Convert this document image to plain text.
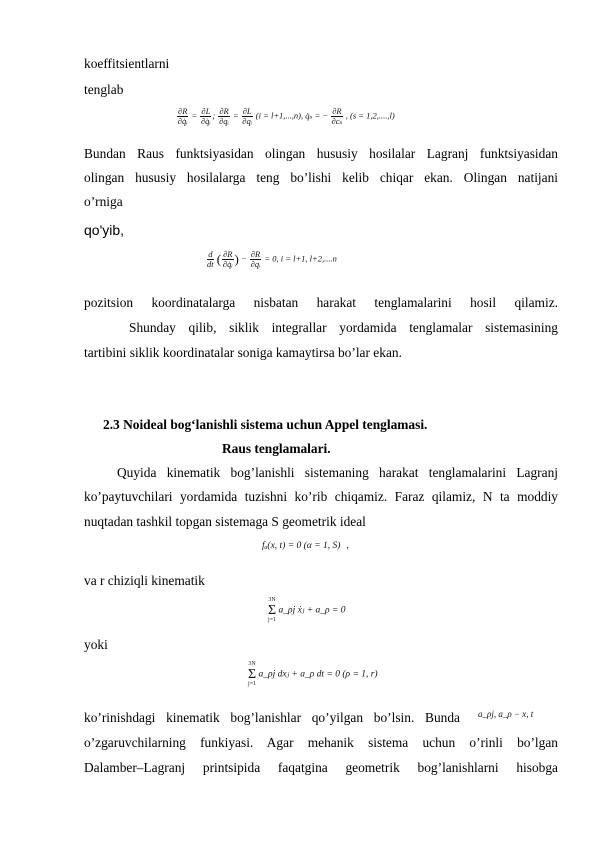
koeffitsientlarni
tenglab
$\frac{\partial R}{\text{∂q̇ᵢ}} = \frac{\partial L}{\text{∂q̇ᵢ}}$ ; $\frac{\partial R}{\text{∂qᵢ}} = \frac{\partial L}{\text{∂qᵢ}} (i = l+1,...,n)$, q̇ₛ = − $\frac{\partial R}{\text{∂cₛ}}$ , (s = 1,2,....,l)
Bundan Raus funktsiyasidan olingan hususiy hosilalar Lagranj funktsiyasidan
olingan hususiy hosilalarga teng bo’lishi kelib chiqar ekan. Olingan natijani
o’rniga
qo'yib,
$\frac{d}{dt}$ ( $\frac{\partial R}{\text{∂q̇ᵢ}}$ ) − $\frac{\partial R}{\text{∂qᵢ}} = 0$, i = l+1, l+2,....n
pozitsion koordinatalarga nisbatan harakat tenglamalarini hosil qilamiz.
Shunday qilib, siklik integrallar yordamida tenglamalar sistemasining
tartibini siklik koordinatalar soniga kamaytirsa bo’lar ekan.
2.3 Noideal bog‘lanishli sistema uchun Appel tenglamasi.
Raus tenglamalari.
Quyida kinematik bog’lanishli sistemaning harakat tenglamalarini Lagranj
ko’paytuvchilari yordamida tuzishni ko’rib chiqamiz. Faraz qilamiz, N ta moddiy
nuqtadan tashkil topgan sistemaga S geometrik ideal
fₐ(x, t) = 0 (α = 1, S) ,
va r chiziqli kinematik
3N
Σ
j=1
a_ρj ẋⱼ + a_ρ = 0
yoki
3N
Σ
j=1
a_ρj dxⱼ + a_ρ dt = 0 (ρ = 1, r)
ko’rinishdagi kinematik bog’lanishlar qo’yilgan bo’lsin. Bunda a_ρj, a_ρ − x, t
o’zgaruvchilarning funkiyasi. Agar mehanik sistema uchun o’rinli bo’lgan
Dalamber–Lagranj printsipida faqatgina geometrik bog’lanishlarni hisobga
